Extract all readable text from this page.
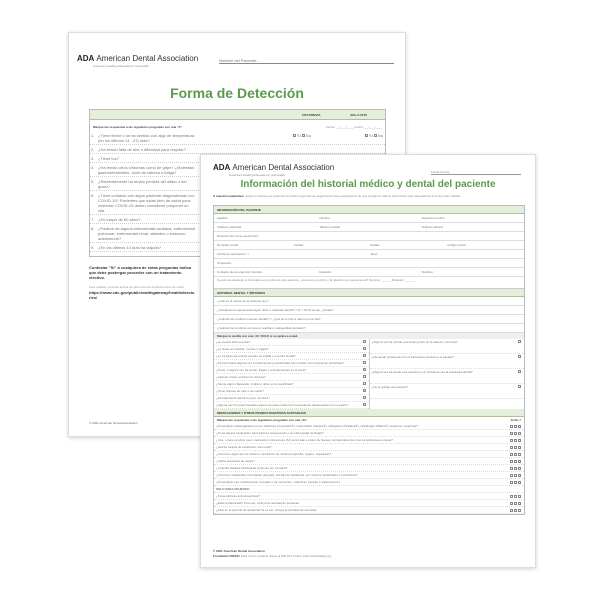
ADA American Dental Association
America's leading advocate for oral health
Nombre del Paciente:
Forma de Detección
CITA PREVIA	EN LA CITA
Marque las respuestas a las siguientes preguntas con una "X".	Fecha:___/___/____ Fecha:___/___/____
1. ¿Tiene fiebre o se ha sentido con algo de temperatura (en los últimos 14 - 21) días?
Sí No	Sí No
2. ¿Ha tenido falta de aire o dificultad para respirar?
3. ¿Tiene tos?
4. ¿Ha tenido otros síntomas como de gripe? ¿Molestias gastrointestinales, dolor de cabeza o fatiga?
5. ¿Recientemente ha tenido pérdida del olfato o del gusto?
6. ¿Tiene contacto con algún paciente diagnosticado con COVID-19? Pacientes que están bien de salud para vivenciar COVID-19 deben considerar posponer su cita.
7. ¿Es mayor de 60 años?
8. ¿Padece de alguna enfermedad cardiaca, enfermedad pulmonar, enfermedad renal, diabetes o trastorno autoinmune?
9. ¿En los últimos 14 días ha viajado?
Contestar "Sí" a cualquiera de estas preguntas indica que debe postergar proceder con un tratamiento electivo.
Para análisis, consulte la lista de sitios web de departamentos de salud:
https://www.cdc.gov/publichealthgateway/healthdirectories/
© 2021 American Dental Association
ADA American Dental Association
America's leading advocate for oral health
Fecha de hoy:
Información del historial médico y dental del paciente
A nuestros pacientes: tenga en cuenta que podemos formular preguntas de seguimiento para asegurarnos de que tengamos toda la información que necesitamos a fin de poder tratarlo.
INFORMACIÓN DEL PACIENTE
Apellido	Nombre	Segundo nombre
Teléfono particular	Teléfono celular	Teléfono laboral
Dirección de correo electrónico
Domicilio postal	Ciudad	Estado	Código postal
Fecha de nacimiento: / /	Sexo
Ocupación
Contacto de emergencia: Nombre	Relación	Teléfono
Si está completando el formulario en nombre de otra persona, ¿cuál es su nombre y la relación con esa persona? Nombre: ______ Relación: ______
HISTORIAL DENTAL Y SÍNTOMAS
¿Cuál es el motivo de la visita de hoy?
¿Actualmente experimenta algún dolor o malestar dental? □ Sí □ No Si es así, ¿dónde?
¿Cuándo fue el último examen dental? / / ¿Qué se le hizo a cabo en esa cita?
¿Cuándo fue la última vez que le realizaron radiografías dentales?
Marque la casilla con una <X> SOLO si se aplica a usted.
¿Le cuesta abrir la boca?
¿Le duele al masticar, morder o tragar?
¿Le sangran las encías cuando se cepilla o usa hilo dental?
¿Se ha tomado alguna vez a tratamientos periodontales (de encías) como limpiezas profundas?
¿Tiene, o alguna vez ha tenido, llagas o protuberancias en la boca?
¿Aprieta o hace rechinar los dientes?
¿Siente algún chasquido, crujido o dolor en la mandíbula?
¿Tiene dolores de oído o de cuello?
¿El tratamiento dental lo pone nervioso?
¿Alguna vez ha experimentado alguno de estos trastornos respiratorios relacionados con el sueño?
¿Alguna vez ha sufrido una lesión grave en la cabeza o la boca?
¿Ha tenido problemas con el tratamiento dental en el pasado?
¿Alguna vez ha tenido una reacción o un problema con la anestesia dental?
¿No le gustan sus dientes?
MEDICACIONES Y OTROS PRODUCTOS/OTRAS SUSTANCIAS
Marque las respuestas a las siguientes preguntas con una <X>.	Sí No ?
¿Toma algún anticoagulante (como warfarina (Coumadin®), rivaroxabán (Xarelto®), dabigatrán (Pradaxa®), clopidogrel (Plavix®), heparina o aspirina)?
¿Toma alguna medicación para tratar la osteoporosis o la enfermedad de Paget?
¿Usa, o tiene previsto usar, medicación intravenosa (IV) para tratar el dolor de huesos, la hipercalcemia o las complicaciones óseas?
¿Recibe terapia de sustitución hormonal?
¿Consume algún tipo de tabaco o productos de nicotina (cigarrillo, cigarro, vapeador)?
¿Utiliza productos de vapeo?
¿Cuántas bebidas alcohólicas consume por semana?
¿Consume sustancias controladas (drogas), incluida la marihuana, por motivos medicinales o recreativos?
¿Toma algún otro medicamento recetado o de venta libre, vitaminas, hierbas o suplementos?
SOLO PARA MUJERES:
¿Toma píldoras anticonceptivas?
¿Está embarazada? Si es así, incluya la cantidad de semanas:
¿Está en el período de lactancia? Si es así, incluya la cantidad de semanas:
© 2021 American Dental Association
Formulario S50121 Para volver a pedirlo, llame al 800.947.4746 o visite ADAcatalog.org
